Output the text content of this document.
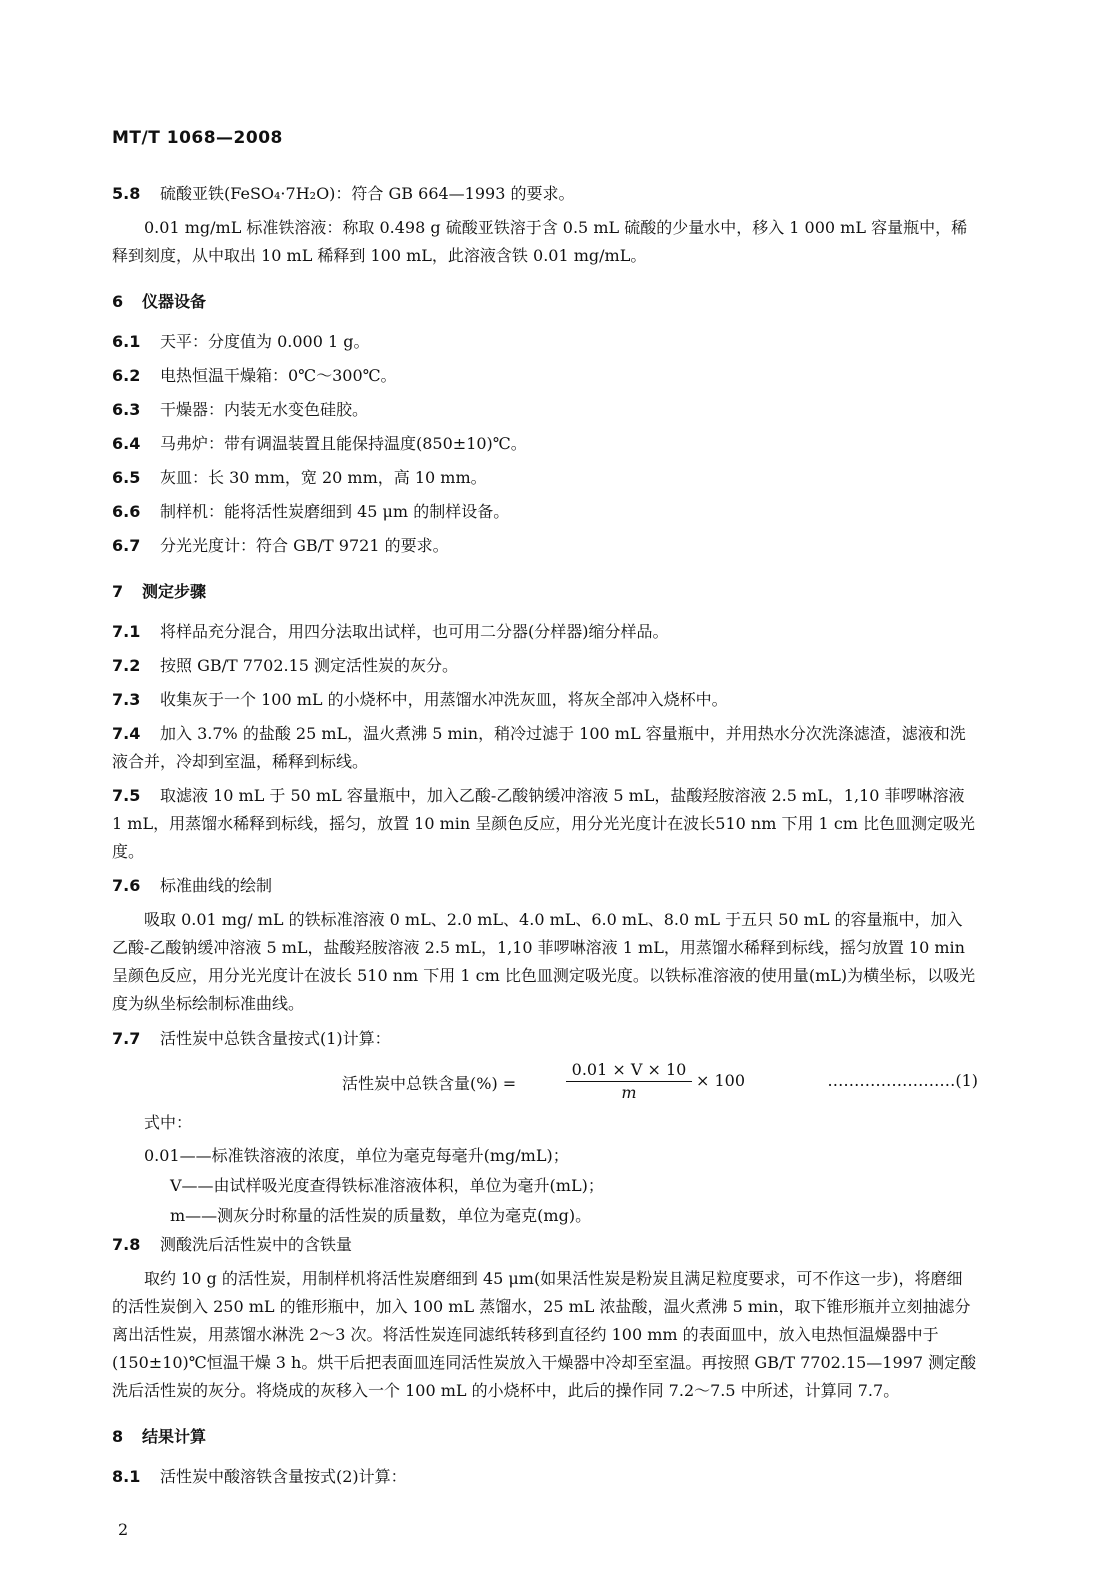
MT/T 1068—2008
5.8 硫酸亚铁(FeSO₄·7H₂O)：符合 GB 664—1993 的要求。
0.01 mg/mL 标准铁溶液：称取 0.498 g 硫酸亚铁溶于含 0.5 mL 硫酸的少量水中，移入 1 000 mL 容量瓶中，稀释到刻度，从中取出 10 mL 稀释到 100 mL，此溶液含铁 0.01 mg/mL。
6 仪器设备
6.1 天平：分度值为 0.000 1 g。
6.2 电热恒温干燥箱：0℃～300℃。
6.3 干燥器：内装无水变色硅胶。
6.4 马弗炉：带有调温装置且能保持温度(850±10)℃。
6.5 灰皿：长 30 mm，宽 20 mm，高 10 mm。
6.6 制样机：能将活性炭磨细到 45 μm 的制样设备。
6.7 分光光度计：符合 GB/T 9721 的要求。
7 测定步骤
7.1 将样品充分混合，用四分法取出试样，也可用二分器(分样器)缩分样品。
7.2 按照 GB/T 7702.15 测定活性炭的灰分。
7.3 收集灰于一个 100 mL 的小烧杯中，用蒸馏水冲洗灰皿，将灰全部冲入烧杯中。
7.4 加入 3.7% 的盐酸 25 mL，温火煮沸 5 min，稍冷过滤于 100 mL 容量瓶中，并用热水分次洗涤滤渣，滤液和洗液合并，冷却到室温，稀释到标线。
7.5 取滤液 10 mL 于 50 mL 容量瓶中，加入乙酸-乙酸钠缓冲溶液 5 mL，盐酸羟胺溶液 2.5 mL，1,10 菲啰啉溶液 1 mL，用蒸馏水稀释到标线，摇匀，放置 10 min 呈颜色反应，用分光光度计在波长510 nm 下用 1 cm 比色皿测定吸光度。
7.6 标准曲线的绘制
吸取 0.01 mg/ mL 的铁标准溶液 0 mL、2.0 mL、4.0 mL、6.0 mL、8.0 mL 于五只 50 mL 的容量瓶中，加入乙酸-乙酸钠缓冲溶液 5 mL，盐酸羟胺溶液 2.5 mL，1,10 菲啰啉溶液 1 mL，用蒸馏水稀释到标线，摇匀放置 10 min 呈颜色反应，用分光光度计在波长 510 nm 下用 1 cm 比色皿测定吸光度。以铁标准溶液的使用量(mL)为横坐标，以吸光度为纵坐标绘制标准曲线。
7.7 活性炭中总铁含量按式(1)计算：
活性炭中总铁含量(%) =	$\frac{0.01 \times V \times 10}{m} \times 100$	……………………(1)
式中：
0.01——标准铁溶液的浓度，单位为毫克每毫升(mg/mL)；
V——由试样吸光度查得铁标准溶液体积，单位为毫升(mL)；
m——测灰分时称量的活性炭的质量数，单位为毫克(mg)。
7.8 测酸洗后活性炭中的含铁量
取约 10 g 的活性炭，用制样机将活性炭磨细到 45 μm(如果活性炭是粉炭且满足粒度要求，可不作这一步)，将磨细的活性炭倒入 250 mL 的锥形瓶中，加入 100 mL 蒸馏水，25 mL 浓盐酸，温火煮沸 5 min，取下锥形瓶并立刻抽滤分离出活性炭，用蒸馏水淋洗 2～3 次。将活性炭连同滤纸转移到直径约 100 mm 的表面皿中，放入电热恒温燥器中于(150±10)℃恒温干燥 3 h。烘干后把表面皿连同活性炭放入干燥器中冷却至室温。再按照 GB/T 7702.15—1997 测定酸洗后活性炭的灰分。将烧成的灰移入一个 100 mL 的小烧杯中，此后的操作同 7.2～7.5 中所述，计算同 7.7。
8 结果计算
8.1 活性炭中酸溶铁含量按式(2)计算：
2
